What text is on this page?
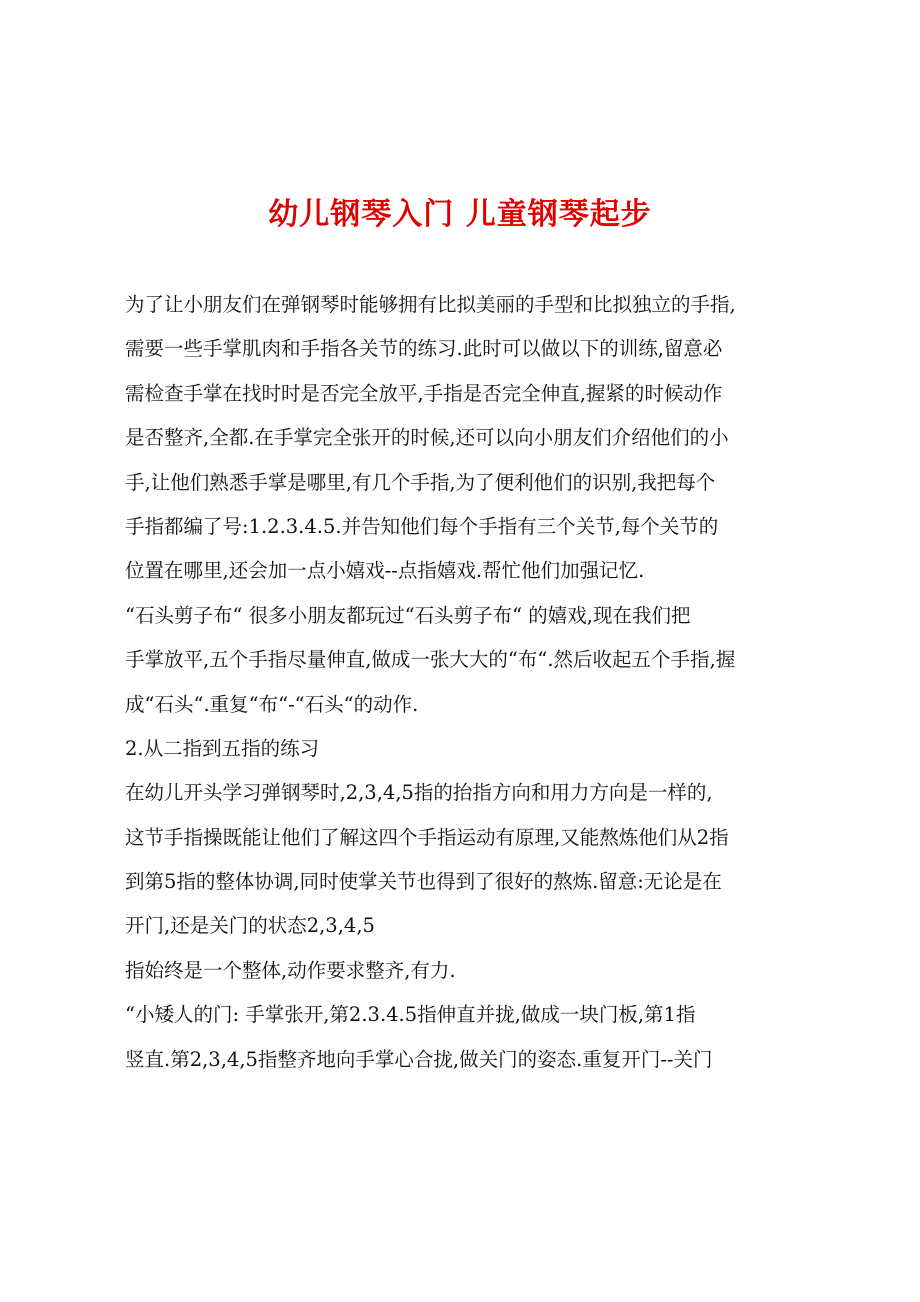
幼儿钢琴入门 儿童钢琴起步
为了让小朋友们在弹钢琴时能够拥有比拟美丽的手型和比拟独立的手指,
需要一些手掌肌肉和手指各关节的练习.此时可以做以下的训练,留意必
需检查手掌在找时时是否完全放平,手指是否完全伸直,握紧的时候动作
是否整齐,全都.在手掌完全张开的时候,还可以向小朋友们介绍他们的小
手,让他们熟悉手掌是哪里,有几个手指,为了便利他们的识别,我把每个
手指都编了号:1.2.3.4.5.并告知他们每个手指有三个关节,每个关节的
位置在哪里,还会加一点小嬉戏--点指嬉戏.帮忙他们加强记忆.
“石头剪子布“ 很多小朋友都玩过“石头剪子布“ 的嬉戏,现在我们把
手掌放平,五个手指尽量伸直,做成一张大大的“布“.然后收起五个手指,握
成“石头“.重复“布“-“石头“的动作.
2.从二指到五指的练习
在幼儿开头学习弹钢琴时,2,3,4,5指的抬指方向和用力方向是一样的,
这节手指操既能让他们了解这四个手指运动有原理,又能熬炼他们从2指
到第5指的整体协调,同时使掌关节也得到了很好的熬炼.留意:无论是在
开门,还是关门的状态2,3,4,5
指始终是一个整体,动作要求整齐,有力.
“小矮人的门: 手掌张开,第2.3.4.5指伸直并拢,做成一块门板,第1指
竖直.第2,3,4,5指整齐地向手掌心合拢,做关门的姿态.重复开门--关门
